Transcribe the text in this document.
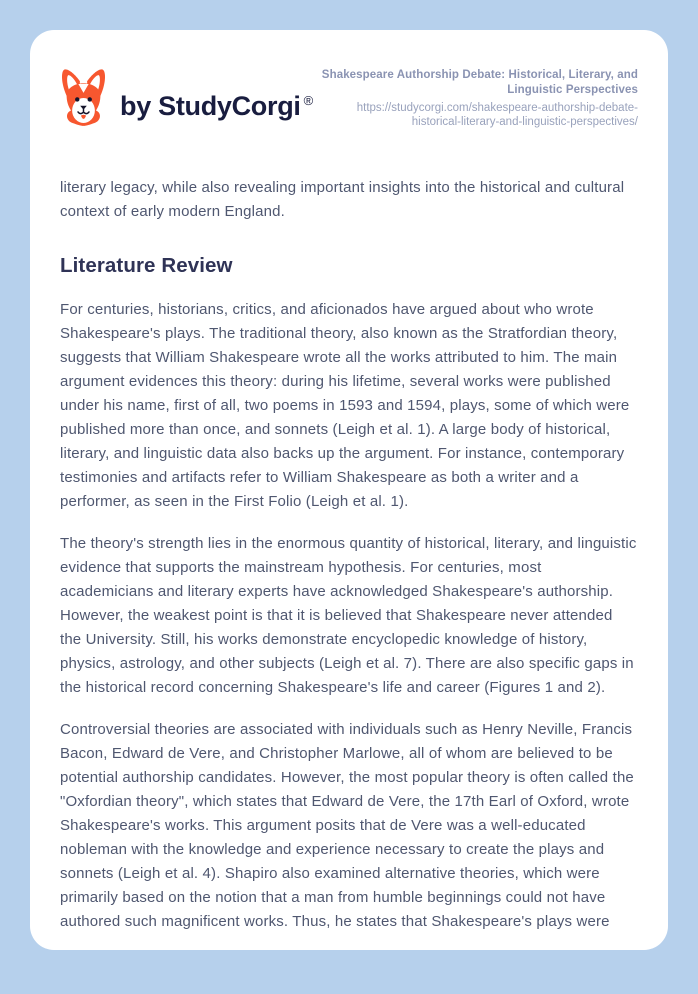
by StudyCorgi ®
Shakespeare Authorship Debate: Historical, Literary, and Linguistic Perspectives
https://studycorgi.com/shakespeare-authorship-debate-historical-literary-and-linguistic-perspectives/

literary legacy, while also revealing important insights into the historical and cultural context of early modern England.

Literature Review

For centuries, historians, critics, and aficionados have argued about who wrote Shakespeare's plays. The traditional theory, also known as the Stratfordian theory, suggests that William Shakespeare wrote all the works attributed to him. The main argument evidences this theory: during his lifetime, several works were published under his name, first of all, two poems in 1593 and 1594, plays, some of which were published more than once, and sonnets (Leigh et al. 1). A large body of historical, literary, and linguistic data also backs up the argument. For instance, contemporary testimonies and artifacts refer to William Shakespeare as both a writer and a performer, as seen in the First Folio (Leigh et al. 1).

The theory's strength lies in the enormous quantity of historical, literary, and linguistic evidence that supports the mainstream hypothesis. For centuries, most academicians and literary experts have acknowledged Shakespeare's authorship. However, the weakest point is that it is believed that Shakespeare never attended the University. Still, his works demonstrate encyclopedic knowledge of history, physics, astrology, and other subjects (Leigh et al. 7). There are also specific gaps in the historical record concerning Shakespeare's life and career (Figures 1 and 2).

Controversial theories are associated with individuals such as Henry Neville, Francis Bacon, Edward de Vere, and Christopher Marlowe, all of whom are believed to be potential authorship candidates. However, the most popular theory is often called the "Oxfordian theory", which states that Edward de Vere, the 17th Earl of Oxford, wrote Shakespeare's works. This argument posits that de Vere was a well-educated nobleman with the knowledge and experience necessary to create the plays and sonnets (Leigh et al. 4). Shapiro also examined alternative theories, which were primarily based on the notion that a man from humble beginnings could not have authored such magnificent works. Thus, he states that Shakespeare's plays were
